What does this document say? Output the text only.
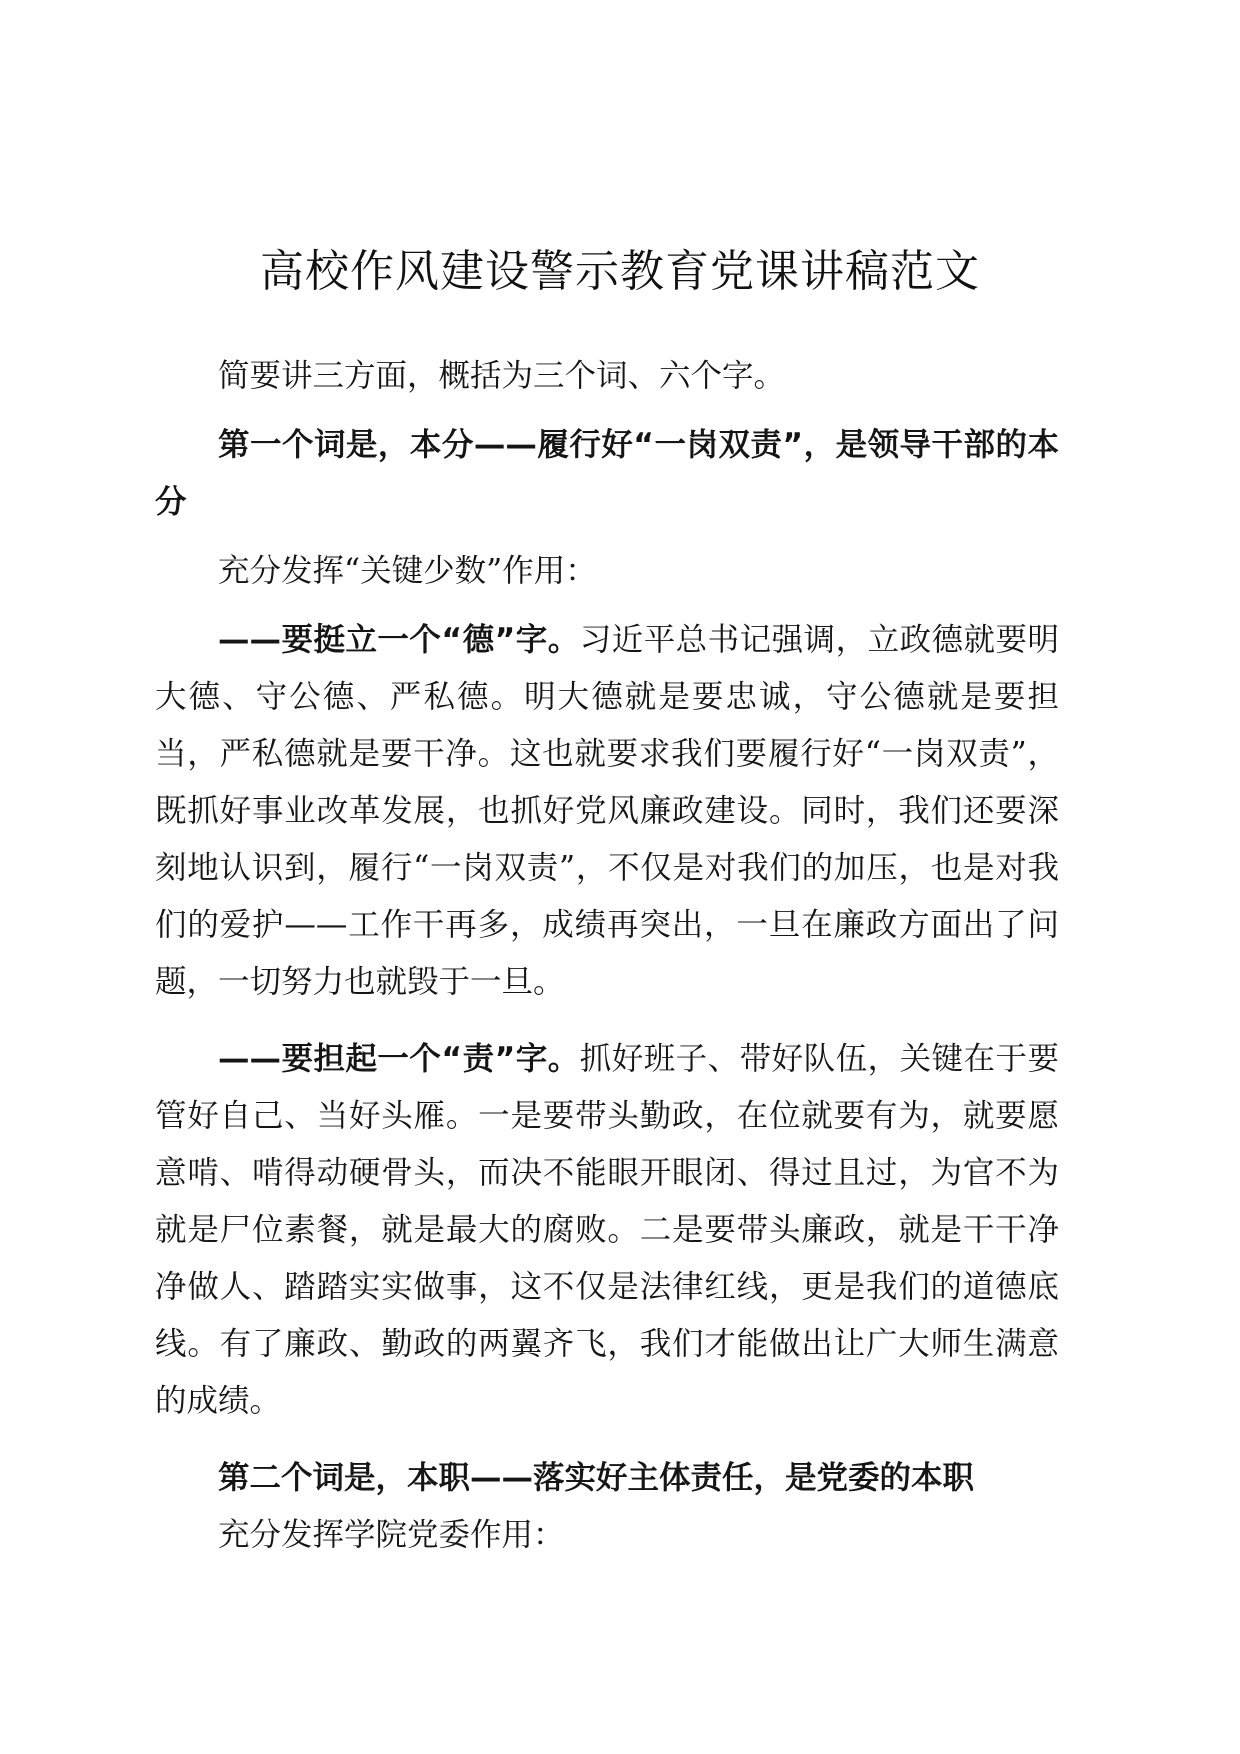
高校作风建设警示教育党课讲稿范文

简要讲三方面，概括为三个词、六个字。

第一个词是，本分——履行好“一岗双责”，是领导干部的本分

充分发挥“关键少数”作用：

——要挺立一个“德”字。习近平总书记强调，立政德就要明大德、守公德、严私德。明大德就是要忠诚，守公德就是要担当，严私德就是要干净。这也就要求我们要履行好“一岗双责”，既抓好事业改革发展，也抓好党风廉政建设。同时，我们还要深刻地认识到，履行“一岗双责”，不仅是对我们的加压，也是对我们的爱护——工作干再多，成绩再突出，一旦在廉政方面出了问题，一切努力也就毁于一旦。

——要担起一个“责”字。抓好班子、带好队伍，关键在于要管好自己、当好头雁。一是要带头勤政，在位就要有为，就要愿意啃、啃得动硬骨头，而决不能眼开眼闭、得过且过，为官不为就是尸位素餐，就是最大的腐败。二是要带头廉政，就是干干净净做人、踏踏实实做事，这不仅是法律红线，更是我们的道德底线。有了廉政、勤政的两翼齐飞，我们才能做出让广大师生满意的成绩。

第二个词是，本职——落实好主体责任，是党委的本职

充分发挥学院党委作用：
